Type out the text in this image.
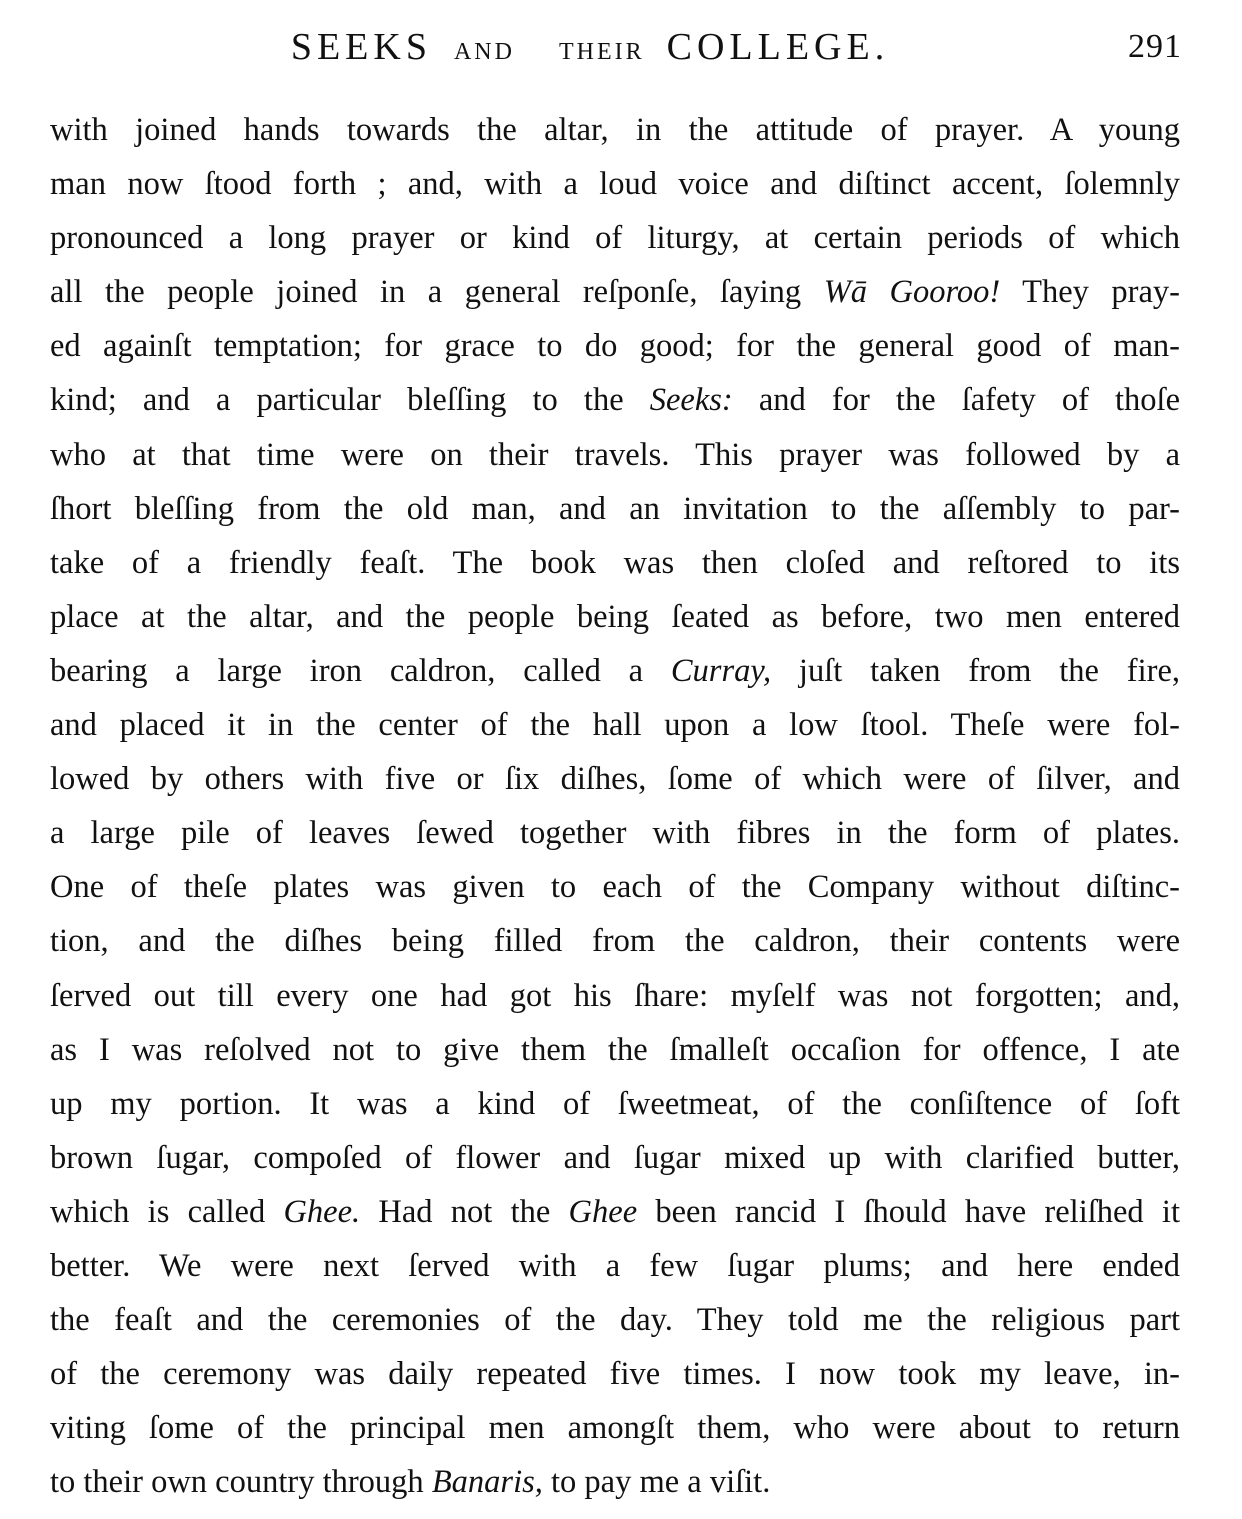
SEEKS AND THEIR COLLEGE.	291
with joined hands towards the altar, in the attitude of prayer. A young
man now ſtood forth ; and, with a loud voice and diſtinct accent, ſolemnly
pronounced a long prayer or kind of liturgy, at certain periods of which
all the people joined in a general reſponſe, ſaying Wā Gooroo! They pray-
ed againſt temptation; for grace to do good; for the general good of man-
kind; and a particular bleſſing to the Seeks: and for the ſafety of thoſe
who at that time were on their travels. This prayer was followed by a
ſhort bleſſing from the old man, and an invitation to the aſſembly to par-
take of a friendly feaſt. The book was then cloſed and reſtored to its
place at the altar, and the people being ſeated as before, two men entered
bearing a large iron caldron, called a Curray, juſt taken from the fire,
and placed it in the center of the hall upon a low ſtool. Theſe were fol-
lowed by others with five or ſix diſhes, ſome of which were of ſilver, and
a large pile of leaves ſewed together with fibres in the form of plates.
One of theſe plates was given to each of the Company without diſtinc-
tion, and the diſhes being filled from the caldron, their contents were
ſerved out till every one had got his ſhare: myſelf was not forgotten; and,
as I was reſolved not to give them the ſmalleſt occaſion for offence, I ate
up my portion. It was a kind of ſweetmeat, of the conſiſtence of ſoft
brown ſugar, compoſed of flower and ſugar mixed up with clarified butter,
which is called Ghee. Had not the Ghee been rancid I ſhould have reliſhed it
better. We were next ſerved with a few ſugar plums; and here ended
the feaſt and the ceremonies of the day. They told me the religious part
of the ceremony was daily repeated five times. I now took my leave, in-
viting ſome of the principal men amongſt them, who were about to return
to their own country through Banaris, to pay me a viſit.
